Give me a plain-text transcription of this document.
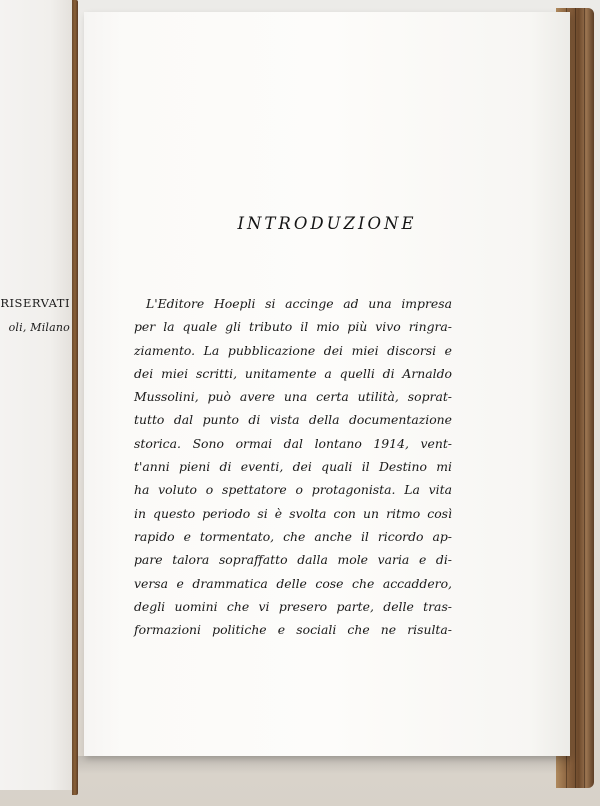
RISERVATI
oli, Milano
INTRODUZIONE
L'Editore Hoepli si accinge ad una impresa
per la quale gli tributo il mio più vivo ringra-
ziamento. La pubblicazione dei miei discorsi e
dei miei scritti, unitamente a quelli di Arnaldo
Mussolini, può avere una certa utilità, soprat-
tutto dal punto di vista della documentazione
storica. Sono ormai dal lontano 1914, vent-
t'anni pieni di eventi, dei quali il Destino mi
ha voluto o spettatore o protagonista. La vita
in questo periodo si è svolta con un ritmo così
rapido e tormentato, che anche il ricordo ap-
pare talora sopraffatto dalla mole varia e di-
versa e drammatica delle cose che accaddero,
degli uomini che vi presero parte, delle tras-
formazioni politiche e sociali che ne risulta-
